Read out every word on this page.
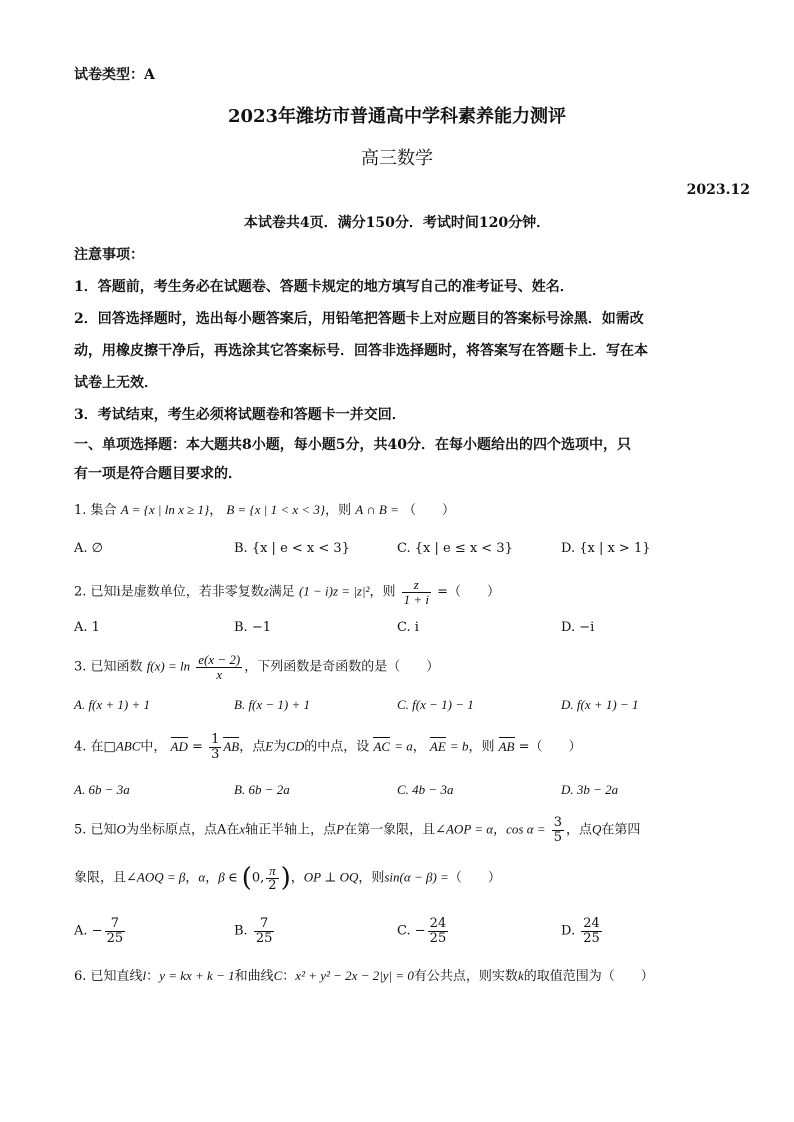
试卷类型：A
2023年潍坊市普通高中学科素养能力测评
高三数学
2023.12
本试卷共4页．满分150分．考试时间120分钟．
注意事项：
1．答题前，考生务必在试题卷、答题卡规定的地方填写自己的准考证号、姓名．
2．回答选择题时，选出每小题答案后，用铅笔把答题卡上对应题目的答案标号涂黑．如需改
动，用橡皮擦干净后，再选涂其它答案标号．回答非选择题时，将答案写在答题卡上．写在本
试卷上无效．
3．考试结束，考生必须将试题卷和答题卡一并交回．
一、单项选择题：本大题共8小题，每小题5分，共40分．在每小题给出的四个选项中，只
有一项是符合题目要求的．
1. 集合 A = {x | ln x ≥ 1}， B = {x | 1 < x < 3}，则 A ∩ B = （　　）
A. ∅	B. {x | e < x < 3}	C. {x | e ≤ x < 3}	D. {x | x > 1}
2. 已知i是虚数单位，若非零复数z满足 (1 − i)z = |z|²，则 $\frac{z}{1 + i}$ =（　　）
A. 1	B. −1	C. i	D. −i
3. 已知函数 $f(x) = \ln \frac{e(x - 2)}{x}$ ，下列函数是奇函数的是（　　）
A. f(x + 1) + 1	B. f(x − 1) + 1	C. f(x − 1) − 1	D. f(x + 1) − 1
4. 在□ABC中， AD = $\frac{1}{3}$ AB，点E为CD的中点，设 AC = a， AE = b，则 AB =（　　）
A. 6b − 3a	B. 6b − 2a	C. 4b − 3a	D. 3b − 2a
5. 已知O为坐标原点，点A在x轴正半轴上，点P在第一象限，且∠AOP = α，$\cos \alpha = \frac{3}{5}$ ，点Q在第四
象限，且∠AOQ = β，α，β ∈ (0, $\frac{\pi}{2}$ )，OP ⊥ OQ，则sin(α − β) =（　　）
A. − $\frac{7}{25}$	B. $\frac{7}{25}$	C. − $\frac{24}{25}$	D. $\frac{24}{25}$
6. 已知直线l：y = kx + k − 1和曲线C：x² + y² − 2x − 2|y| = 0有公共点，则实数k的取值范围为（　　）
